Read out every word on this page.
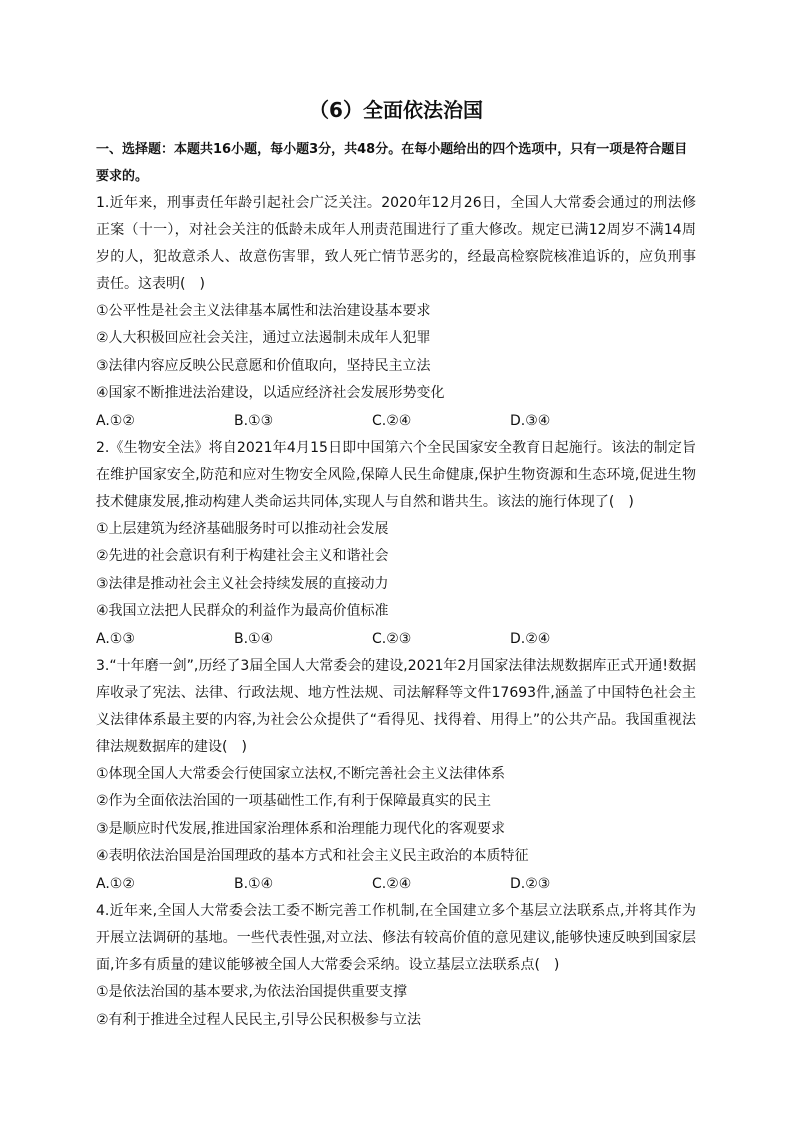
（6）全面依法治国

一、选择题：本题共16小题，每小题3分，共48分。在每小题给出的四个选项中，只有一项是符合题目要求的。

1.近年来，刑事责任年龄引起社会广泛关注。2020年12月26日，全国人大常委会通过的刑法修正案（十一），对社会关注的低龄未成年人刑责范围进行了重大修改。规定已满12周岁不满14周岁的人，犯故意杀人、故意伤害罪，致人死亡情节恶劣的，经最高检察院核准追诉的，应负刑事责任。这表明(　)

①公平性是社会主义法律基本属性和法治建设基本要求

②人大积极回应社会关注，通过立法遏制未成年人犯罪

③法律内容应反映公民意愿和价值取向，坚持民主立法

④国家不断推进法治建设，以适应经济社会发展形势变化

A.①②	B.①③	C.②④	D.③④

2.《生物安全法》将自2021年4月15日即中国第六个全民国家安全教育日起施行。该法的制定旨在维护国家安全,防范和应对生物安全风险,保障人民生命健康,保护生物资源和生态环境,促进生物技术健康发展,推动构建人类命运共同体,实现人与自然和谐共生。该法的施行体现了(　)

①上层建筑为经济基础服务时可以推动社会发展

②先进的社会意识有利于构建社会主义和谐社会

③法律是推动社会主义社会持续发展的直接动力

④我国立法把人民群众的利益作为最高价值标准

A.①③	B.①④	C.②③	D.②④

3.“十年磨一剑”,历经了3届全国人大常委会的建设,2021年2月国家法律法规数据库正式开通!数据库收录了宪法、法律、行政法规、地方性法规、司法解释等文件17693件,涵盖了中国特色社会主义法律体系最主要的内容,为社会公众提供了“看得见、找得着、用得上”的公共产品。我国重视法律法规数据库的建设(　)

①体现全国人大常委会行使国家立法权,不断完善社会主义法律体系

②作为全面依法治国的一项基础性工作,有利于保障最真实的民主

③是顺应时代发展,推进国家治理体系和治理能力现代化的客观要求

④表明依法治国是治国理政的基本方式和社会主义民主政治的本质特征

A.①②	B.①④	C.②④	D.②③

4.近年来,全国人大常委会法工委不断完善工作机制,在全国建立多个基层立法联系点,并将其作为开展立法调研的基地。一些代表性强,对立法、修法有较高价值的意见建议,能够快速反映到国家层面,许多有质量的建议能够被全国人大常委会采纳。设立基层立法联系点(　)

①是依法治国的基本要求,为依法治国提供重要支撑

②有利于推进全过程人民民主,引导公民积极参与立法
